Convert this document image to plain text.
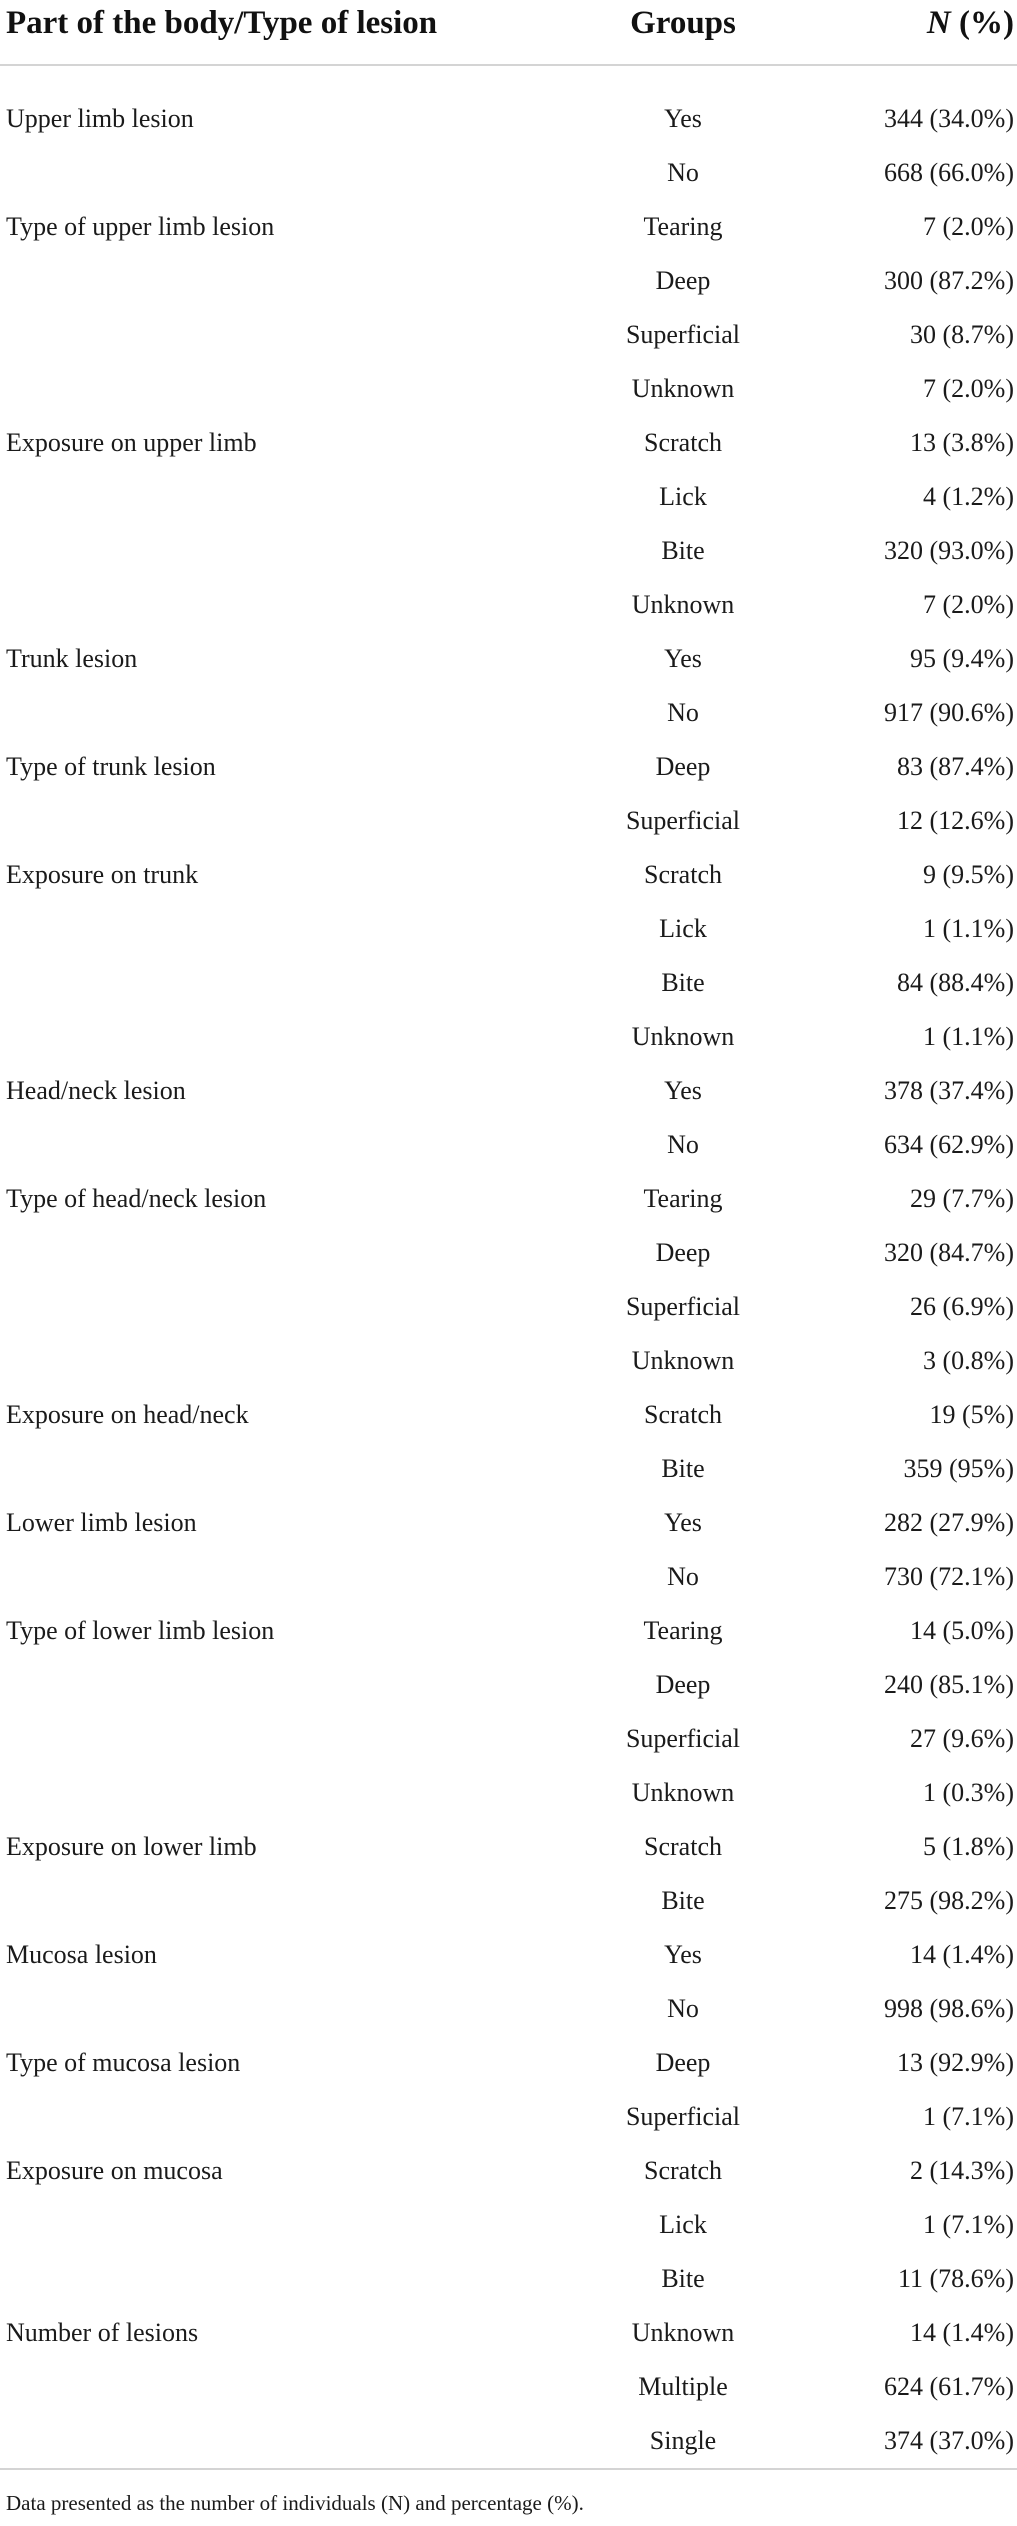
Part of the body/Type of lesion	Groups	N (%)
Upper limb lesion	Yes	344 (34.0%)
No	668 (66.0%)
Type of upper limb lesion	Tearing	7 (2.0%)
Deep	300 (87.2%)
Superficial	30 (8.7%)
Unknown	7 (2.0%)
Exposure on upper limb	Scratch	13 (3.8%)
Lick	4 (1.2%)
Bite	320 (93.0%)
Unknown	7 (2.0%)
Trunk lesion	Yes	95 (9.4%)
No	917 (90.6%)
Type of trunk lesion	Deep	83 (87.4%)
Superficial	12 (12.6%)
Exposure on trunk	Scratch	9 (9.5%)
Lick	1 (1.1%)
Bite	84 (88.4%)
Unknown	1 (1.1%)
Head/neck lesion	Yes	378 (37.4%)
No	634 (62.9%)
Type of head/neck lesion	Tearing	29 (7.7%)
Deep	320 (84.7%)
Superficial	26 (6.9%)
Unknown	3 (0.8%)
Exposure on head/neck	Scratch	19 (5%)
Bite	359 (95%)
Lower limb lesion	Yes	282 (27.9%)
No	730 (72.1%)
Type of lower limb lesion	Tearing	14 (5.0%)
Deep	240 (85.1%)
Superficial	27 (9.6%)
Unknown	1 (0.3%)
Exposure on lower limb	Scratch	5 (1.8%)
Bite	275 (98.2%)
Mucosa lesion	Yes	14 (1.4%)
No	998 (98.6%)
Type of mucosa lesion	Deep	13 (92.9%)
Superficial	1 (7.1%)
Exposure on mucosa	Scratch	2 (14.3%)
Lick	1 (7.1%)
Bite	11 (78.6%)
Number of lesions	Unknown	14 (1.4%)
Multiple	624 (61.7%)
Single	374 (37.0%)
Data presented as the number of individuals (N) and percentage (%).
